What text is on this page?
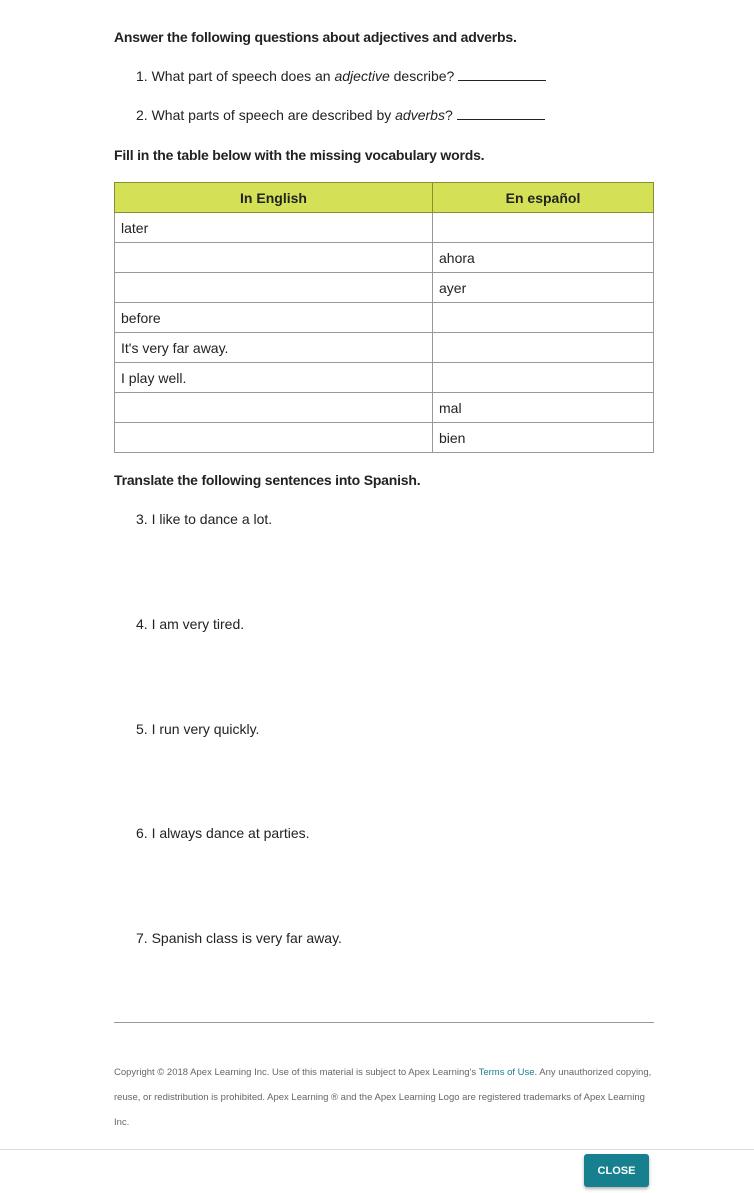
Answer the following questions about adjectives and adverbs.
1. What part of speech does an adjective describe?
2. What parts of speech are described by adverbs?
Fill in the table below with the missing vocabulary words.
In English	En español
later	
	ahora
	ayer
before	
It's very far away.	
I play well.	
	mal
	bien
Translate the following sentences into Spanish.
3. I like to dance a lot.
4. I am very tired.
5. I run very quickly.
6. I always dance at parties.
7. Spanish class is very far away.
Copyright © 2018 Apex Learning Inc. Use of this material is subject to Apex Learning's Terms of Use. Any unauthorized copying, reuse, or redistribution is prohibited. Apex Learning ® and the Apex Learning Logo are registered trademarks of Apex Learning Inc.
CLOSE
